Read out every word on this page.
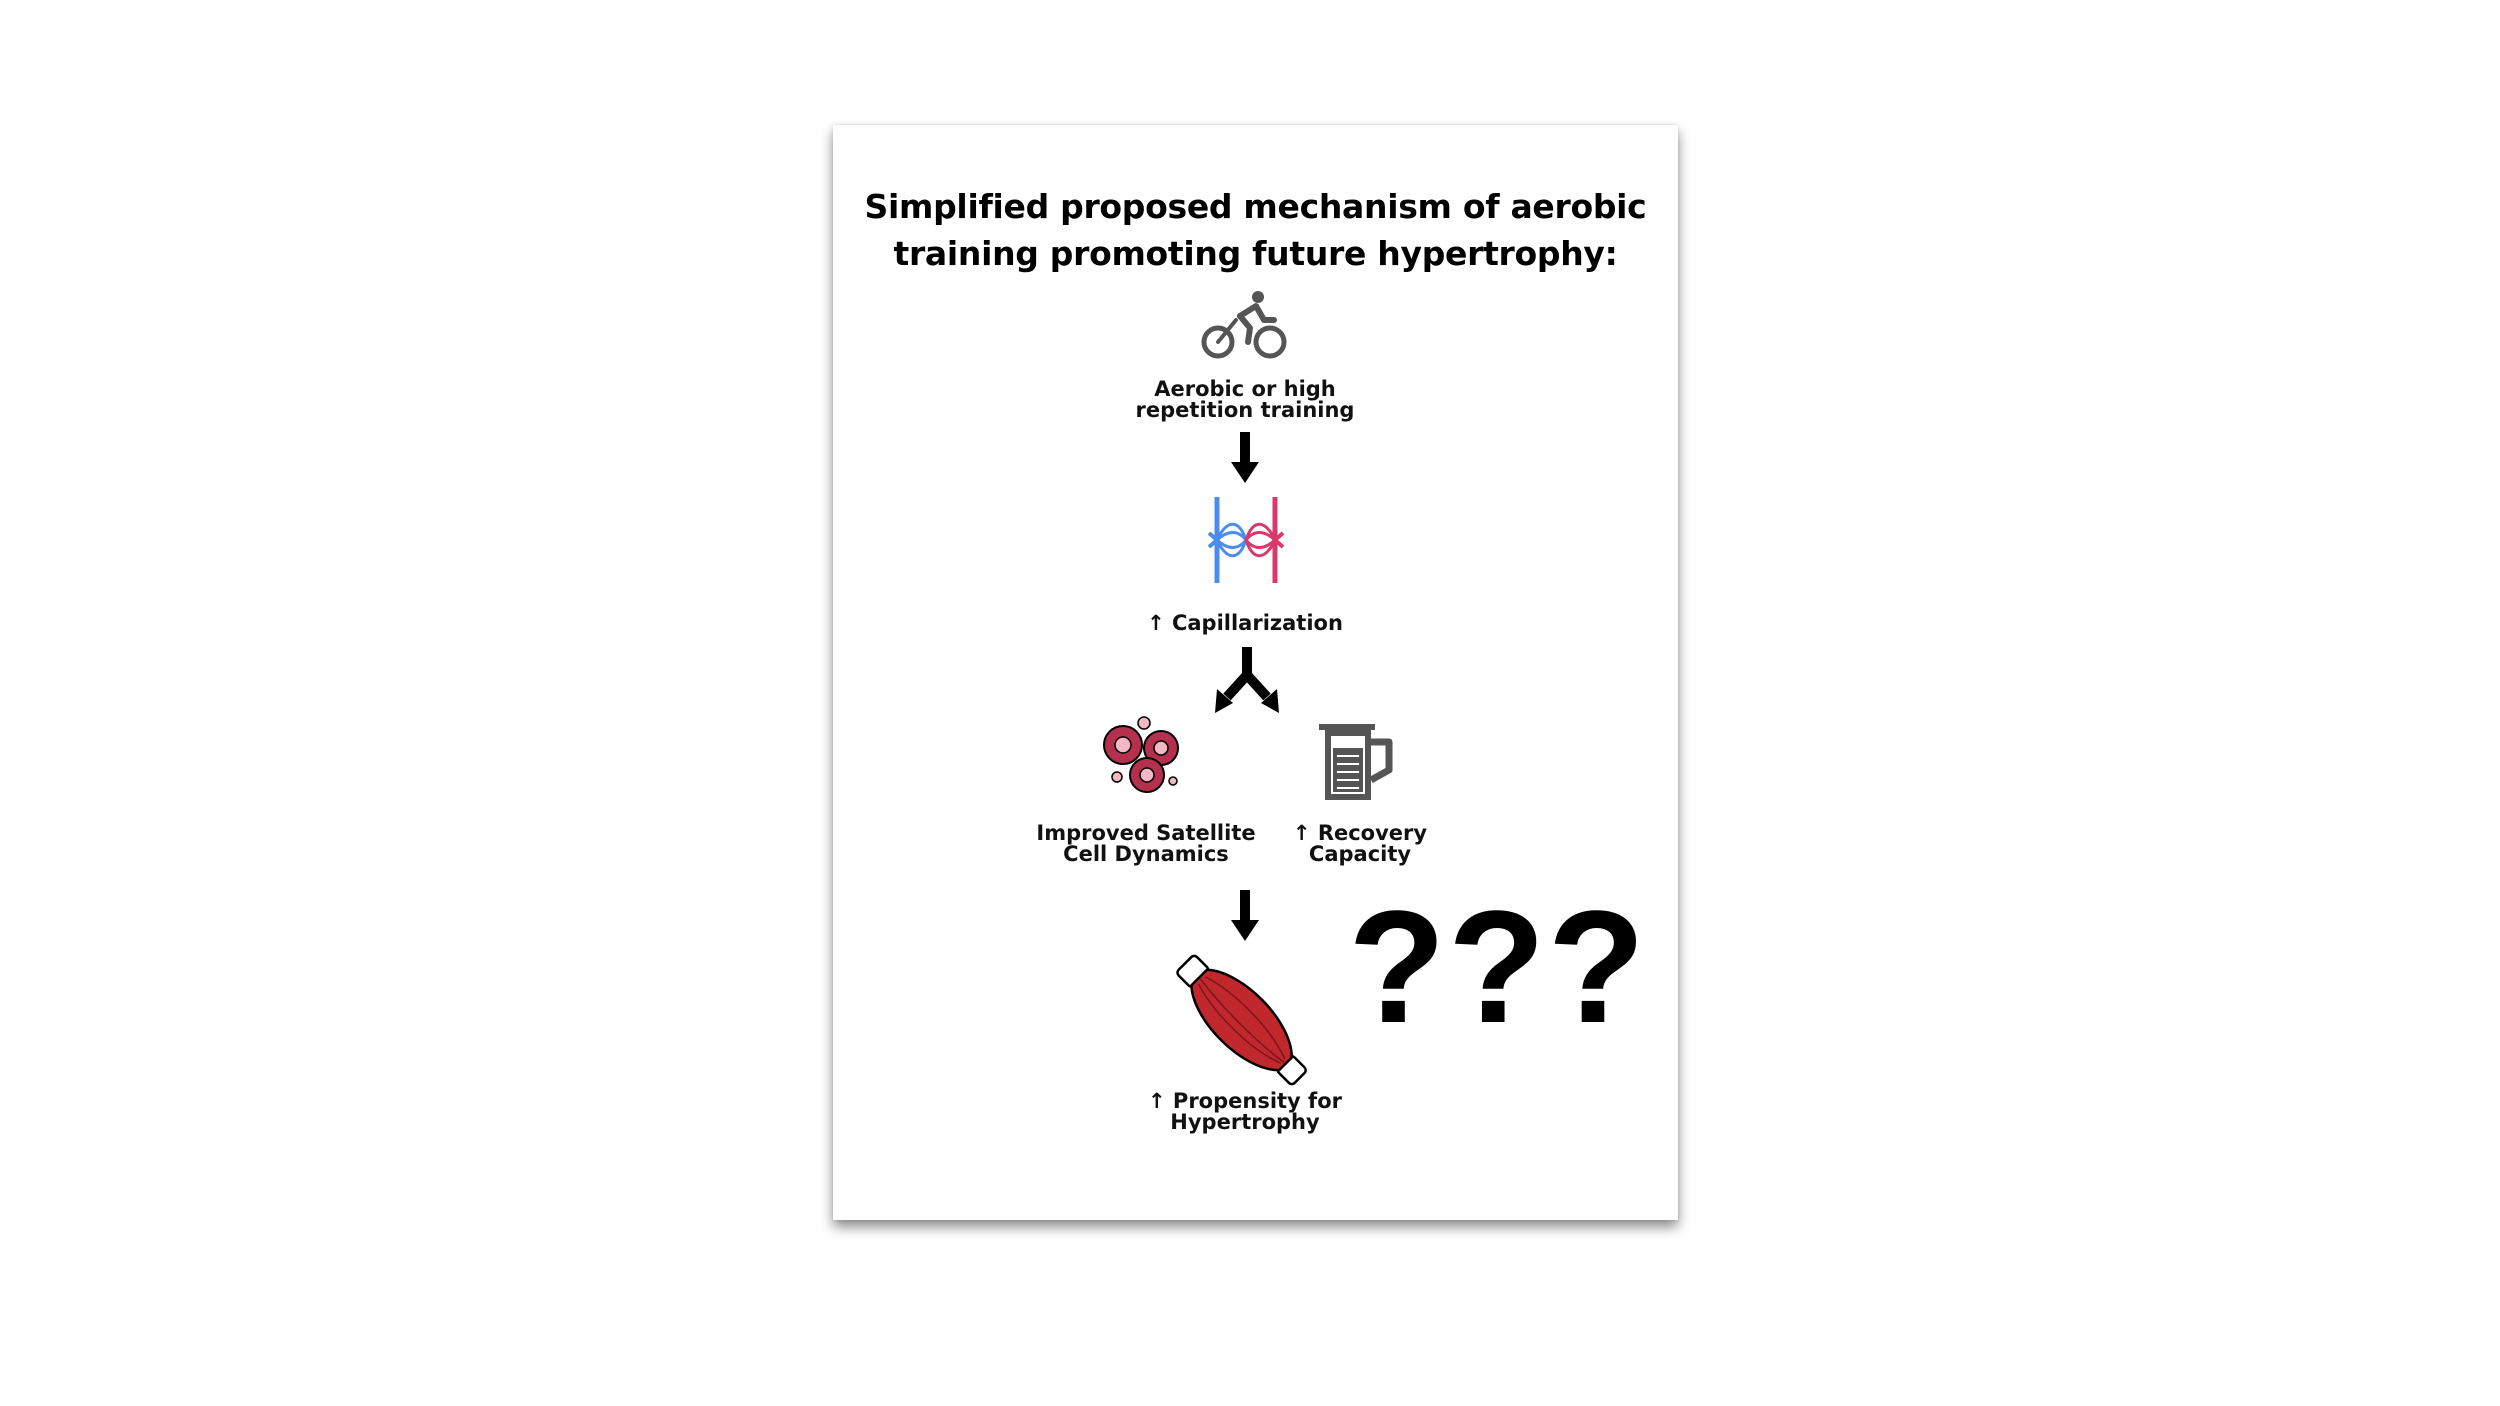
Simplified proposed mechanism of aerobic
training promoting future hypertrophy:
Aerobic or high
repetition training
↑ Capillarization
Improved Satellite
Cell Dynamics
↑ Recovery
Capacity
↑ Propensity for
Hypertrophy
???
